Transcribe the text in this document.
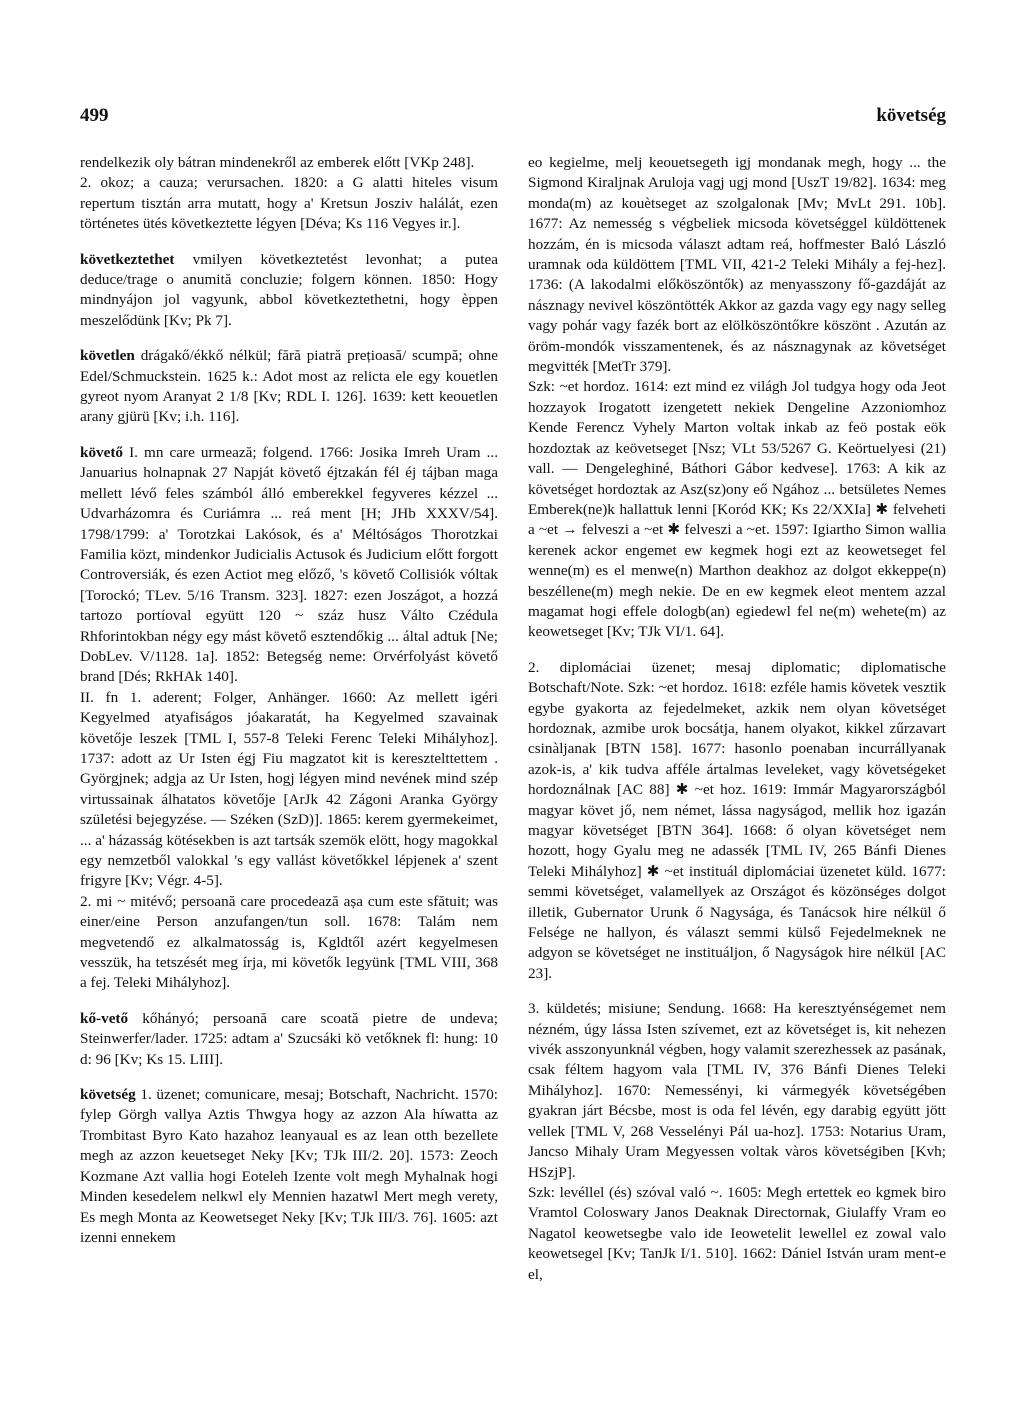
499	követség

rendelkezik oly bátran mindenekről az emberek előtt [VKp 248].

2. okoz; a cauza; verursachen. 1820: a G alatti hiteles visum repertum tisztán arra mutatt, hogy a' Kretsun Josziv halálát, ezen történetes ütés következtette légyen [Déva; Ks 116 Vegyes ir.].

következtethet vmilyen következtetést levonhat; a putea deduce/trage o anumită concluzie; folgern können. 1850: Hogy mindnyájon jol vagyunk, abbol következtethetni, hogy èppen meszelődünk [Kv; Pk 7].

követlen drágakő/ékkő nélkül; fără piatră prețioasă/ scumpă; ohne Edel/Schmuckstein. 1625 k.: Adot most az relicta ele egy kouetlen gyreot nyom Aranyat 2 1/8 [Kv; RDL I. 126]. 1639: kett keouetlen arany gjürü [Kv; i.h. 116].

követő I. mn care urmează; folgend. 1766: Josika Imreh Uram ... Januarius holnapnak 27 Napját követő éjtzakán fél éj tájban maga mellett lévő feles számból álló emberekkel fegyveres kézzel ... Udvarházomra és Curiámra ... reá ment [H; JHb XXXV/54]. 1798/1799: a' Torotzkai Lakósok, és a' Méltóságos Thorotzkai Familia közt, mindenkor Judicialis Actusok és Judicium előtt forgott Controversiák, és ezen Actiot meg előző, 's követő Collisiók vóltak [Torockó; TLev. 5/16 Transm. 323]. 1827: ezen Joszágot, a hozzá tartozo portíoval együtt 120 ~ száz husz Válto Czédula Rhforintokban négy egy mást követő esztendőkig ... által adtuk [Ne; DobLev. V/1128. 1a]. 1852: Betegség neme: Orvérfolyást követő brand [Dés; RkHAk 140].

II. fn 1. aderent; Folger, Anhänger. 1660: Az mellett igéri Kegyelmed atyafiságos jóakaratát, ha Kegyelmed szavainak követője leszek [TML I, 557-8 Teleki Ferenc Teleki Mihályhoz]. 1737: adott az Ur Isten égj Fiu magzatot kit is keresztelttettem . Györgjnek; adgja az Ur Isten, hogj légyen mind nevének mind szép virtussainak álhatatos követője [ArJk 42 Zágoni Aranka György születési bejegyzése. — Széken (SzD)]. 1865: kerem gyermekeimet, ... a' házasság kötésekben is azt tartsák szemök elött, hogy magokkal egy nemzetből valokkal 's egy vallást követőkkel lépjenek a' szent frigyre [Kv; Végr. 4-5].

2. mi ~ mitévő; persoană care procedează așa cum este sfătuit; was einer/eine Person anzufangen/tun soll. 1678: Talám nem megvetendő ez alkalmatosság is, Kgldtől azért kegyelmesen vesszük, ha tetszését meg írja, mi követők legyünk [TML VIII, 368 a fej. Teleki Mihályhoz].

kő-vető kőhányó; persoană care scoată pietre de undeva; Steinwerfer/lader. 1725: adtam a' Szucsáki kö vetőknek fl: hung: 10 d: 96 [Kv; Ks 15. LIII].

követség 1. üzenet; comunicare, mesaj; Botschaft, Nachricht. 1570: fylep Görgh vallya Aztis Thwgya hogy az azzon Ala híwatta az Trombitast Byro Kato hazahoz leanyaual es az lean otth bezellete megh az azzon keuetseget Neky [Kv; TJk III/2. 20]. 1573: Zeoch Kozmane Azt vallia hogi Eoteleh Izente volt megh Myhalnak hogi Minden kesedelem nelkwl ely Mennien hazatwl Mert megh verety, Es megh Monta az Keowetseget Neky [Kv; TJk III/3. 76]. 1605: azt izenni ennekem

eo kegielme, melj keouetsegeth igj mondanak megh, hogy ... the Sigmond Kiraljnak Aruloja vagj ugj mond [UszT 19/82]. 1634: meg monda(m) az kouètseget az szolgalonak [Mv; MvLt 291. 10b]. 1677: Az nemesség s végbeliek micsoda követséggel küldöttenek hozzám, én is micsoda választ adtam reá, hoffmester Baló László uramnak oda küldöttem [TML VII, 421-2 Teleki Mihály a fej-hez]. 1736: (A lakodalmi előköszöntők) az menyasszony fő-gazdáját az násznagy nevivel köszöntötték Akkor az gazda vagy egy nagy selleg vagy pohár vagy fazék bort az elölköszöntőkre köszönt . Azután az öröm-mondók visszamentenek, és az násznagynak az követséget megvitték [MetTr 379].

Szk: ~et hordoz. 1614: ezt mind ez világh Jol tudgya hogy oda Jeot hozzayok Irogatott izengetett nekiek Dengeline Azzoniomhoz Kende Ferencz Vyhely Marton voltak inkab az feö postak eök hozdoztak az keövetseget [Nsz; VLt 53/5267 G. Keörtuelyesi (21) vall. — Dengeleghiné, Báthori Gábor kedvese]. 1763: A kik az követséget hordoztak az Asz(sz)ony eő Ngához ... betsületes Nemes Emberek(ne)k hallattuk lenni [Koród KK; Ks 22/XXIa] ✱ felveheti a ~et → felveszi a ~et ✱ felveszi a ~et. 1597: Igiartho Simon wallia kerenek ackor engemet ew kegmek hogi ezt az keowetseget fel wenne(m) es el menwe(n) Marthon deakhoz az dolgot ekkeppe(n) beszéllene(m) megh nekie. De en ew kegmek eleot mentem azzal magamat hogi effele dologb(an) egiedewl fel ne(m) wehete(m) az keowetseget [Kv; TJk VI/1. 64].

2. diplomáciai üzenet; mesaj diplomatic; diplomatische Botschaft/Note. Szk: ~et hordoz. 1618: ezféle hamis követek vesztik egybe gyakorta az fejedelmeket, azkik nem olyan követséget hordoznak, azmibe urok bocsátja, hanem olyakot, kikkel zűrzavart csinàljanak [BTN 158]. 1677: hasonlo poenaban incurrállyanak azok-is, a' kik tudva afféle ártalmas leveleket, vagy követségeket hordoználnak [AC 88] ✱ ~et hoz. 1619: Immár Magyarországból magyar követ jő, nem német, lássa nagyságod, mellik hoz igazán magyar követséget [BTN 364]. 1668: ő olyan követséget nem hozott, hogy Gyalu meg ne adassék [TML IV, 265 Bánfi Dienes Teleki Mihályhoz] ✱ ~et instituál diplomáciai üzenetet küld. 1677: semmi követséget, valamellyek az Országot és közönséges dolgot illetik, Gubernator Urunk ő Nagysága, és Tanácsok hire nélkül ő Felsége ne hallyon, és választ semmi külső Fejedelmeknek ne adgyon se követséget ne instituáljon, ő Nagyságok hire nélkül [AC 23].

3. küldetés; misiune; Sendung. 1668: Ha keresztyénségemet nem nézném, úgy lássa Isten szívemet, ezt az követséget is, kit nehezen vivék asszonyunknál végben, hogy valamit szerezhessek az pasának, csak féltem hagyom vala [TML IV, 376 Bánfi Dienes Teleki Mihályhoz]. 1670: Nemessényi, ki vármegyék követségében gyakran járt Bécsbe, most is oda fel lévén, egy darabig együtt jött vellek [TML V, 268 Vesselényi Pál ua-hoz]. 1753: Notarius Uram, Jancso Mihaly Uram Megyessen voltak vàros követségiben [Kvh; HSzjP].

Szk: levéllel (és) szóval való ~. 1605: Megh ertettek eo kgmek biro Vramtol Coloswary Janos Deaknak Directornak, Giulaffy Vram eo Nagatol keowetsegbe valo ide Ieowetelit lewellel ez zowal valo keowetsegel [Kv; TanJk I/1. 510]. 1662: Dániel István uram ment-e el,
